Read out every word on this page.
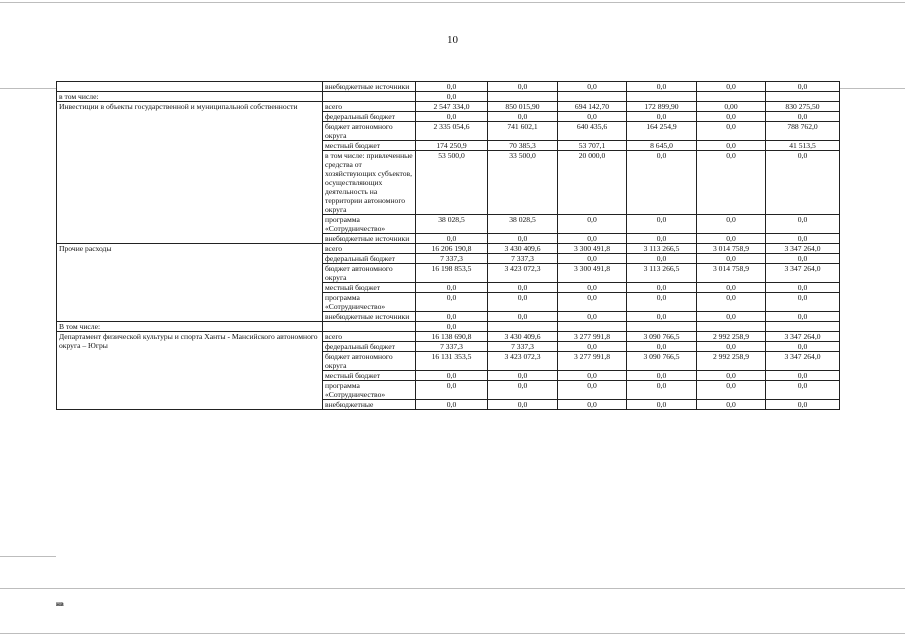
10
	внебюджетные источники	0,0	0,0	0,0	0,0	0,0	0,0
в том числе:		0,0					
Инвестиции в объекты государственной и муниципальной собственности	всего	2 547 334,0	850 015,90	694 142,70	172 899,90	0,00	830 275,50
	федеральный бюджет	0,0	0,0	0,0	0,0	0,0	0,0
	бюджет автономного округа	2 335 054,6	741 602,1	640 435,6	164 254,9	0,0	788 762,0
	местный бюджет	174 250,9	70 385,3	53 707,1	8 645,0	0,0	41 513,5
	в том числе: привлеченные средства от хозяйствующих субъектов, осуществляющих деятельность на территории автономного округа	53 500,0	33 500,0	20 000,0	0,0	0,0	0,0
	программа «Сотрудничество»	38 028,5	38 028,5	0,0	0,0	0,0	0,0
	внебюджетные источники	0,0	0,0	0,0	0,0	0,0	0,0
Прочие расходы	всего	16 206 190,8	3 430 409,6	3 300 491,8	3 113 266,5	3 014 758,9	3 347 264,0
	федеральный бюджет	7 337,3	7 337,3	0,0	0,0	0,0	0,0
	бюджет автономного округа	16 198 853,5	3 423 072,3	3 300 491,8	3 113 266,5	3 014 758,9	3 347 264,0
	местный бюджет	0,0	0,0	0,0	0,0	0,0	0,0
	программа «Сотрудничество»	0,0	0,0	0,0	0,0	0,0	0,0
	внебюджетные источники	0,0	0,0	0,0	0,0	0,0	0,0
В том числе:		0,0					
Департамент физической культуры и спорта Ханты - Мансийского автономного округа – Югры	всего	16 138 690,8	3 430 409,6	3 277 991,8	3 090 766,5	2 992 258,9	3 347 264,0
	федеральный бюджет	7 337,3	7 337,3	0,0	0,0	0,0	0,0
	бюджет автономного округа	16 131 353,5	3 423 072,3	3 277 991,8	3 090 766,5	2 992 258,9	3 347 264,0
	местный бюджет	0,0	0,0	0,0	0,0	0,0	0,0
	программа «Сотрудничество»	0,0	0,0	0,0	0,0	0,0	0,0
	внебюджетные	0,0	0,0	0,0	0,0	0,0	0,0
нв
